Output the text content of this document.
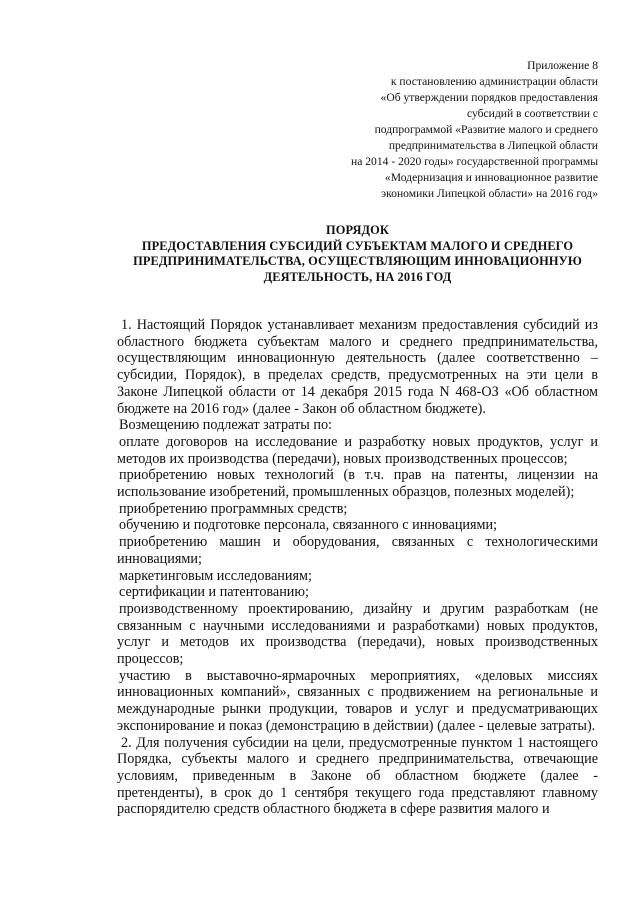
Приложение 8
к постановлению администрации области
«Об утверждении порядков предоставления
субсидий в соответствии с
подпрограммой «Развитие малого и среднего
предпринимательства в Липецкой области
на 2014 - 2020 годы» государственной программы
«Модернизация и инновационное развитие
экономики Липецкой области» на 2016 год»
ПОРЯДОК
ПРЕДОСТАВЛЕНИЯ СУБСИДИЙ СУБЪЕКТАМ МАЛОГО И СРЕДНЕГО
ПРЕДПРИНИМАТЕЛЬСТВА, ОСУЩЕСТВЛЯЮЩИМ ИННОВАЦИОННУЮ
ДЕЯТЕЛЬНОСТЬ, НА 2016 ГОД

1. Настоящий Порядок устанавливает механизм предоставления субсидий из областного бюджета субъектам малого и среднего предпринимательства, осуществляющим инновационную деятельность (далее соответственно – субсидии, Порядок), в пределах средств, предусмотренных на эти цели в Законе Липецкой области от 14 декабря 2015 года N 468-ОЗ «Об областном бюджете на 2016 год» (далее - Закон об областном бюджете).

Возмещению подлежат затраты по:

оплате договоров на исследование и разработку новых продуктов, услуг и методов их производства (передачи), новых производственных процессов;

приобретению новых технологий (в т.ч. прав на патенты, лицензии на использование изобретений, промышленных образцов, полезных моделей);

приобретению программных средств;

обучению и подготовке персонала, связанного с инновациями;

приобретению машин и оборудования, связанных с технологическими инновациями;

маркетинговым исследованиям;

сертификации и патентованию;

производственному проектированию, дизайну и другим разработкам (не связанным с научными исследованиями и разработками) новых продуктов, услуг и методов их производства (передачи), новых производственных процессов;

участию в выставочно-ярмарочных мероприятиях, «деловых миссиях инновационных компаний», связанных с продвижением на региональные и международные рынки продукции, товаров и услуг и предусматривающих экспонирование и показ (демонстрацию в действии) (далее - целевые затраты).

2. Для получения субсидии на цели, предусмотренные пунктом 1 настоящего Порядка, субъекты малого и среднего предпринимательства, отвечающие условиям, приведенным в Законе об областном бюджете (далее - претенденты), в срок до 1 сентября текущего года представляют главному распорядителю средств областного бюджета в сфере развития малого и
